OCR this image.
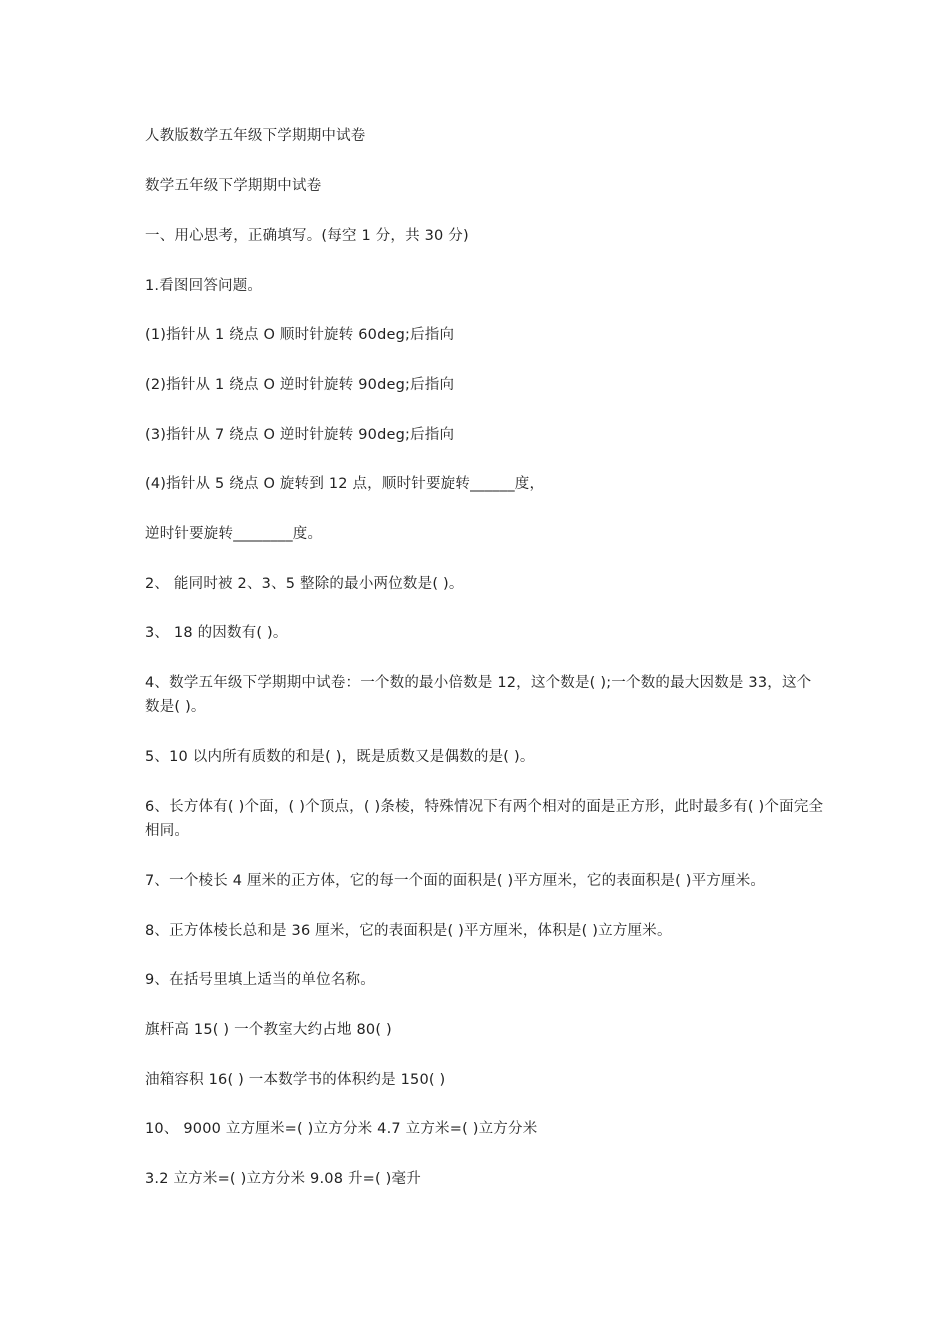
人教版数学五年级下学期期中试卷
数学五年级下学期期中试卷
一、用心思考，正确填写。(每空 1 分，共 30 分)
1.看图回答问题。
(1)指针从 1 绕点 O 顺时针旋转 60deg;后指向
(2)指针从 1 绕点 O 逆时针旋转 90deg;后指向
(3)指针从 7 绕点 O 逆时针旋转 90deg;后指向
(4)指针从 5 绕点 O 旋转到 12 点，顺时针要旋转______度，
逆时针要旋转________度。
2、 能同时被 2、3、5 整除的最小两位数是( )。
3、 18 的因数有( )。
4、数学五年级下学期期中试卷：一个数的最小倍数是 12，这个数是( );一个数的最大因数是 33，这个数是( )。
5、10 以内所有质数的和是( )，既是质数又是偶数的是( )。
6、长方体有( )个面，( )个顶点，( )条棱，特殊情况下有两个相对的面是正方形，此时最多有( )个面完全相同。
7、一个棱长 4 厘米的正方体，它的每一个面的面积是( )平方厘米，它的表面积是( )平方厘米。
8、正方体棱长总和是 36 厘米，它的表面积是( )平方厘米，体积是( )立方厘米。
9、在括号里填上适当的单位名称。
旗杆高 15( ) 一个教室大约占地 80( )
油箱容积 16( ) 一本数学书的体积约是 150( )
10、 9000 立方厘米=( )立方分米 4.7 立方米=( )立方分米
3.2 立方米=( )立方分米 9.08 升=( )毫升
